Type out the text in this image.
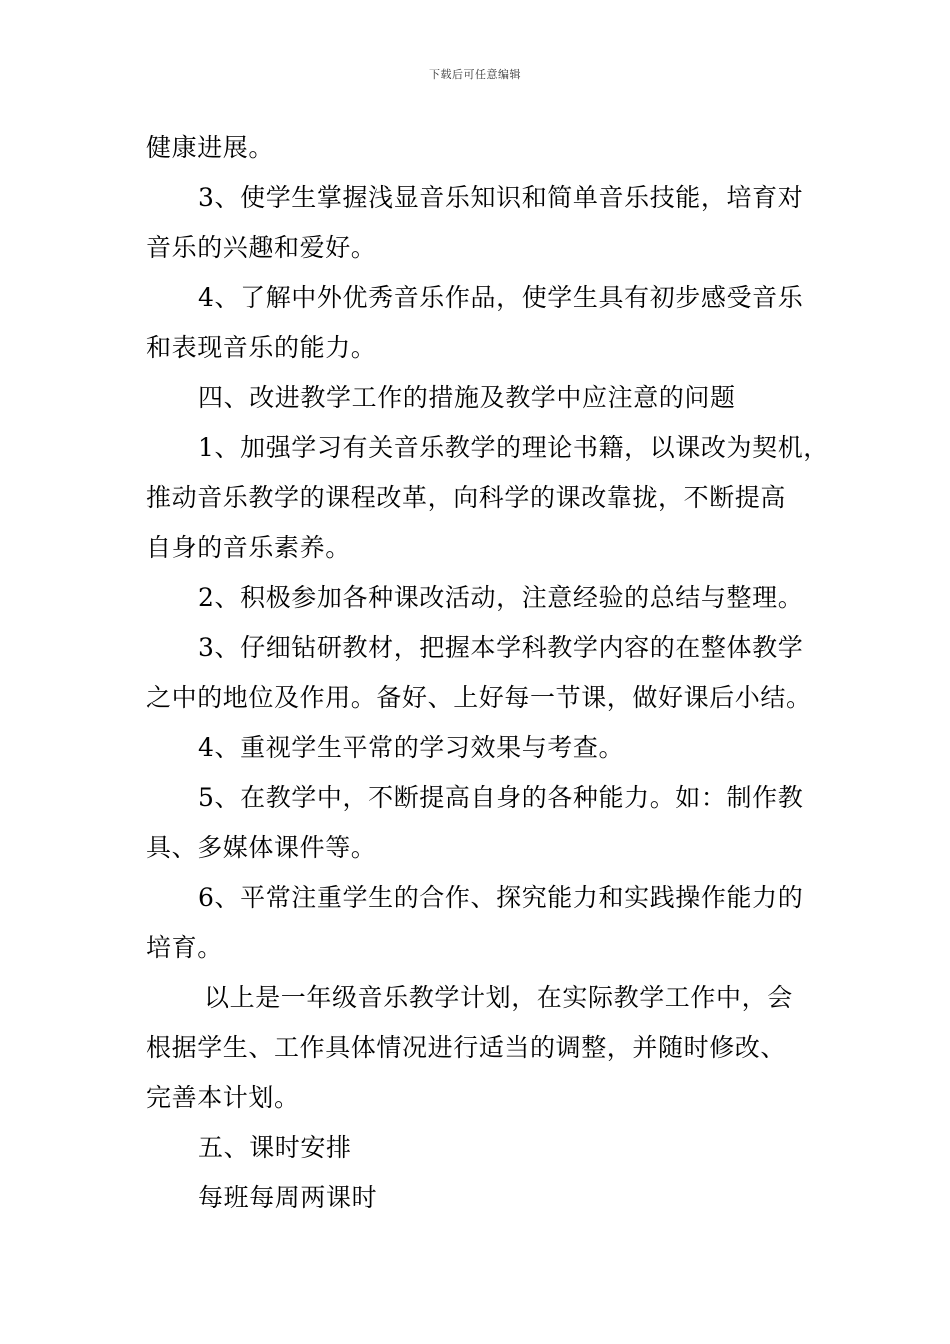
下载后可任意编辑
健康进展。
3、使学生掌握浅显音乐知识和简单音乐技能，培育对
音乐的兴趣和爱好。
4、了解中外优秀音乐作品，使学生具有初步感受音乐
和表现音乐的能力。
四、改进教学工作的措施及教学中应注意的问题
1、加强学习有关音乐教学的理论书籍，以课改为契机，
推动音乐教学的课程改革，向科学的课改靠拢，不断提高
自身的音乐素养。
2、积极参加各种课改活动，注意经验的总结与整理。
3、仔细钻研教材，把握本学科教学内容的在整体教学
之中的地位及作用。备好、上好每一节课，做好课后小结。
4、重视学生平常的学习效果与考查。
5、在教学中，不断提高自身的各种能力。如：制作教
具、多媒体课件等。
6、平常注重学生的合作、探究能力和实践操作能力的
培育。
以上是一年级音乐教学计划，在实际教学工作中，会
根据学生、工作具体情况进行适当的调整，并随时修改、
完善本计划。
五、课时安排
每班每周两课时
